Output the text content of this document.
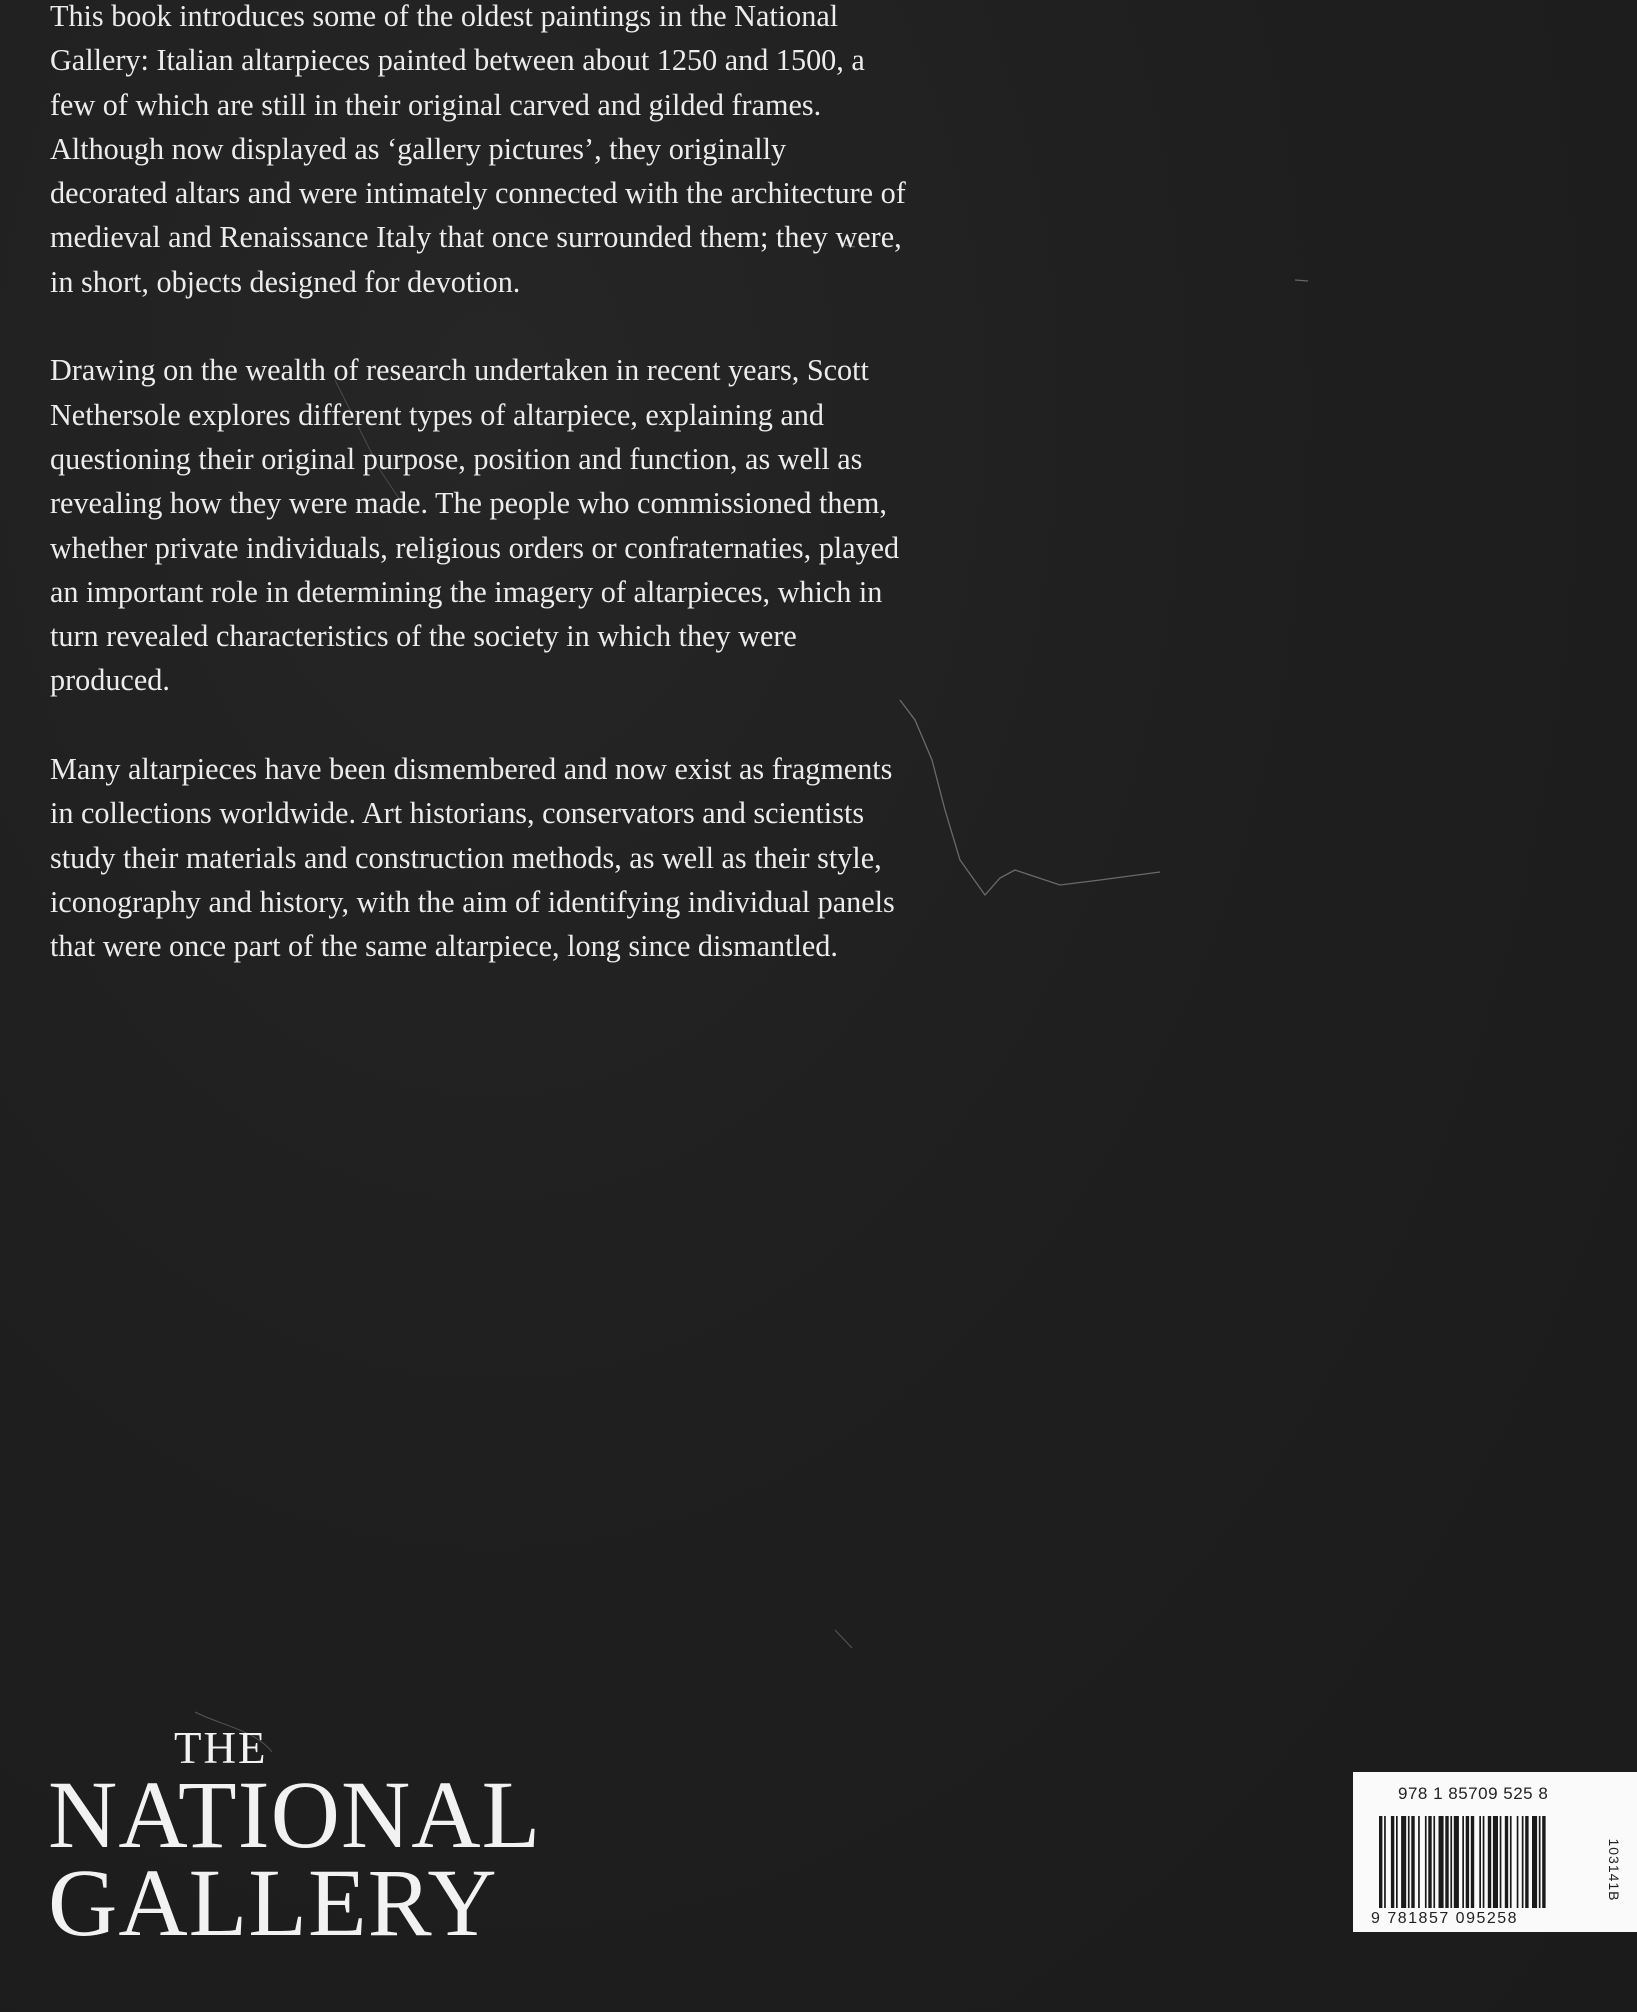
This book introduces some of the oldest paintings in the National Gallery: Italian altarpieces painted between about 1250 and 1500, a few of which are still in their original carved and gilded frames. Although now displayed as ‘gallery pictures’, they originally decorated altars and were intimately connected with the architecture of medieval and Renaissance Italy that once surrounded them; they were, in short, objects designed for devotion.

Drawing on the wealth of research undertaken in recent years, Scott Nethersole explores different types of altarpiece, explaining and questioning their original purpose, position and function, as well as revealing how they were made. The people who commissioned them, whether private individuals, religious orders or confraternaties, played an important role in determining the imagery of altarpieces, which in turn revealed characteristics of the society in which they were produced.

Many altarpieces have been dismembered and now exist as fragments in collections worldwide. Art historians, conservators and scientists study their materials and construction methods, as well as their style, iconography and history, with the aim of identifying individual panels that were once part of the same altarpiece, long since dismantled.

THE
NATIONAL
GALLERY
978 1 85709 525 8
9 781857 095258
103141B
